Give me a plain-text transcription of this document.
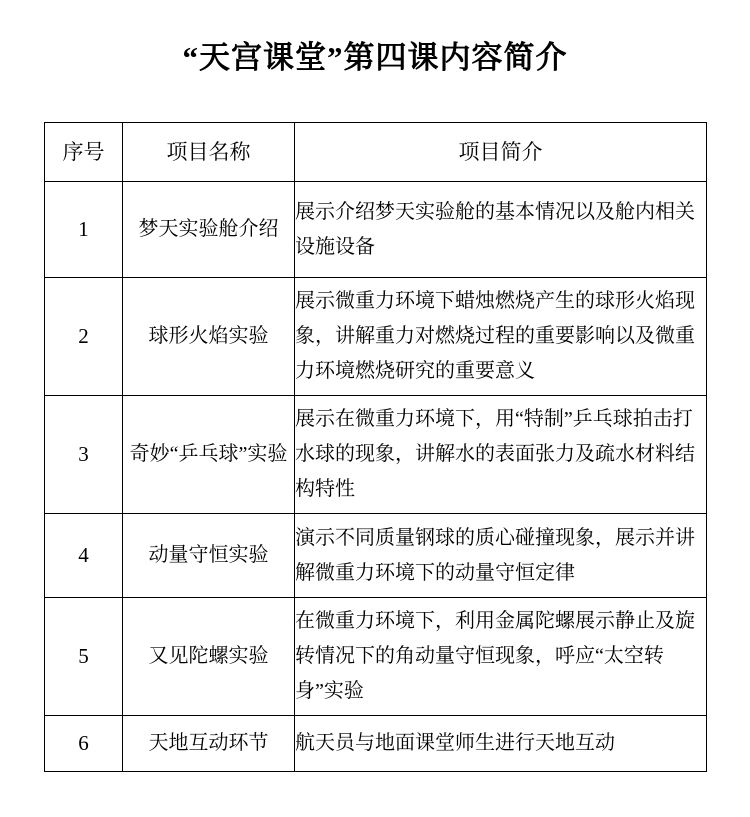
“天宫课堂”第四课内容简介
序号	项目名称	项目简介
1	梦天实验舱介绍	展示介绍梦天实验舱的基本情况以及舱内相关设施设备
2	球形火焰实验	展示微重力环境下蜡烛燃烧产生的球形火焰现象，讲解重力对燃烧过程的重要影响以及微重力环境燃烧研究的重要意义
3	奇妙“乒乓球”实验	展示在微重力环境下，用“特制”乒乓球拍击打水球的现象，讲解水的表面张力及疏水材料结构特性
4	动量守恒实验	演示不同质量钢球的质心碰撞现象，展示并讲解微重力环境下的动量守恒定律
5	又见陀螺实验	在微重力环境下，利用金属陀螺展示静止及旋转情况下的角动量守恒现象，呼应“太空转身”实验
6	天地互动环节	航天员与地面课堂师生进行天地互动
